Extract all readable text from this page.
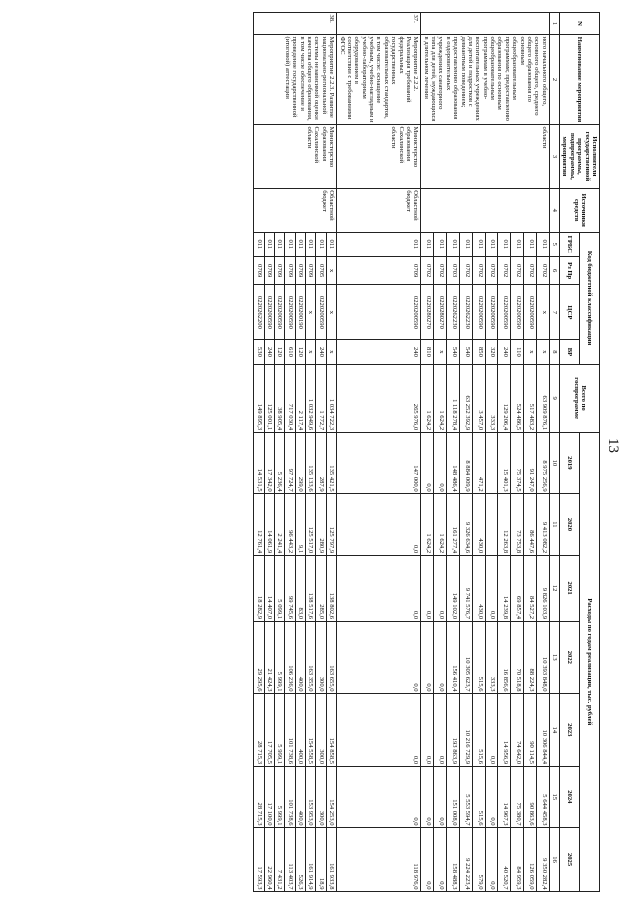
13
N	Наименование мероприятия	Исполнители государственной программы, подпрограммы, мероприятия	Источники средств	Код бюджетной классификации				Всего по госпрограмме	Расходы по годам реализации, тыс. рублей						
				ГРБС	Рз Пр	ЦСР	ВР		2019	2020	2021	2022	2023	2024	2025
1	2	3	4	5	6	7	8	9	10	11	12	13	14	15	16
	ного начального общего, основного общего, среднего общего образования по основным общеобразовательным программам; предоставлению образования по основным общеобразовательным программам в учебно-воспитательных учреждениях для детей и подростков с девиантным поведением; предоставлению образования в оздоровительных учреждениях санаторного типа для детей, нуждающихся в длительном лечении	области		011	0702	x	x	63 909 876,1	8 975 256,9	9 413 082,2	9 826 103,9	10 393 848,0	10 306 844,4	5 644 458,3	9 350 282,4
				011	0702	0220200590	x	517 483,2	91 247,0	86 447,6	84 527,2	88 224,3	90 114,5	90 863,6	126 059,0
				011	0702	0220200590	110	524 486,5	75 374,5	73 753,8	69 857,4	70 518,8	74 642,0	75 380,7	84 959,3
				011	0702	0220200590	240	129 206,4	15 401,3	12 263,8	14 239,8	16 856,6	14 956,9	14 967,3	40 520,7
				011	0702	0220200590	320	333,3			0,0	333,3	0,0	0,0	0,0
				011	0702	0220200590	850	3 457,0	471,2	430,0	430,0	515,6	515,6	515,6	579,0
				011	0702	0220262230	540	63 252 392,9	8 884 009,9	9 326 634,6	9 741 576,7	10 305 623,7	10 216 729,9	5 553 594,7	9 224 223,4
				011	0703	0220262230	540	1 118 278,4	148 486,4	161 277,4	149 102,0	156 410,4	193 863,9	151 008,0	158 488,3
				011	0702	0220280270	x	1 624,2	0,0	1 624,2	0,0	0,0	0,0	0,0	0,0
				011	0702	0220280270	810	1 624,2	0,0	1 624,2	0,0	0,0	0,0	0,0	0,0
37.	Мероприятие 2.2.2. Реализация требований федеральных государственных образовательных стандартов, в том числе: оснащение учебным, учебно-наглядным и учебно-лабораторным оборудованием в соответствии с требованиями ФГОС	Министерство образования Сахалинской области	Областной бюджет	011	0709	0220200590	240	265 976,0	147 000,0	0,0	0,0	0,0	0,0	0,0	118 976,0
38.	Мероприятие 2.2.3. Развитие национально-региональной системы независимой оценки качества общего образования, в том числе обеспечение и проведение государственной (итоговой) аттестации	Министерство образования Сахалинской области	Областной бюджет	011	x	x	x	1 034 722,3	135 421,5	125 797,9	138 802,6	163 655,0	154 858,5	154 253,0	161 933,8
				011	0705	0220200590	240	1 772,7	287,9	280,9	285,0	300,0	300,0	300,0	18,9
				011	0709	x	x	1 032 949,6	135 133,6	125 517,0	138 517,6	163 355,0	154 558,5	153 953,0	161 914,9
				011	0709	0220200190	120	2 117,4	299,0	9,1	83,0	400,0	400,0	400,0	526,3
				011	0709	0220200590	610	717 030,4	97 724,7	96 443,2	99 745,6	106 236,0	101 738,6	101 738,6	113 403,7
				011	0709	0220200590	120	38 905,4	5 236,4	2 241,4	5 099,1	5 999,1	5 999,1	5 999,1	7 431,2
				011	0709	0220200590	240	125 001,1	17 342,0	14 061,9	14 407,0	21 424,3	17 705,5	17 100,0	22 960,4
				011	0709	0220262200	530	149 895,3	14 531,5	12 761,4	18 282,9	29 295,6	28 715,3	28 715,3	17 593,3
